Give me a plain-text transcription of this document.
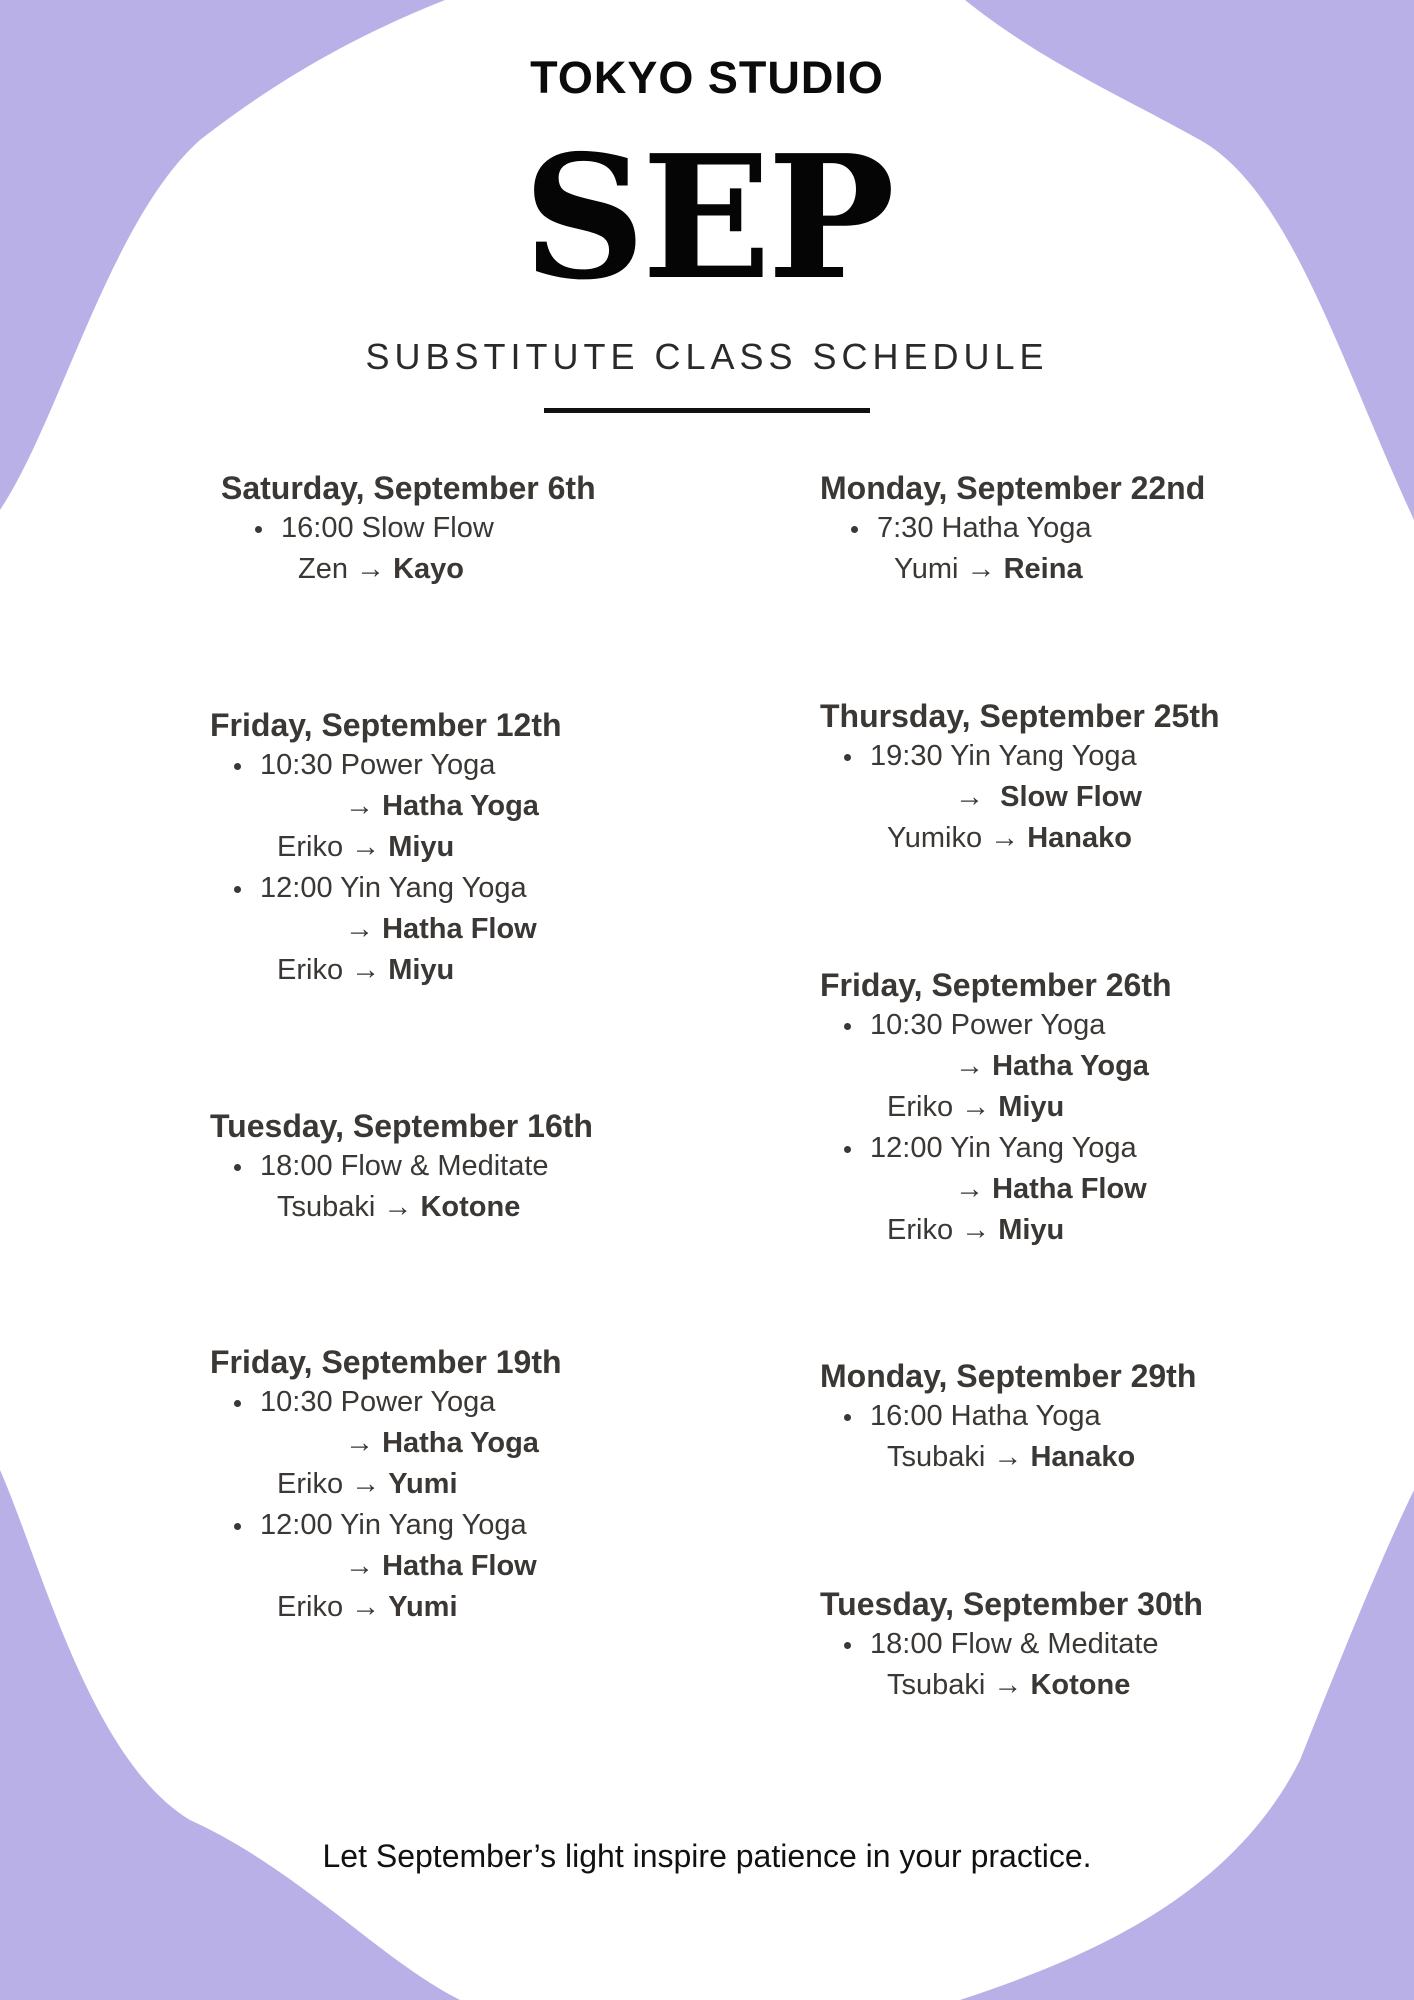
TOKYO STUDIO
SEP
SUBSTITUTE CLASS SCHEDULE
Saturday, September 6th
16:00 Slow Flow
Zen → Kayo
Friday, September 12th
10:30 Power Yoga
→ Hatha Yoga
Eriko → Miyu
12:00 Yin Yang Yoga
→ Hatha Flow
Eriko → Miyu
Tuesday, September 16th
18:00 Flow & Meditate
Tsubaki → Kotone
Friday, September 19th
10:30 Power Yoga
→ Hatha Yoga
Eriko → Yumi
12:00 Yin Yang Yoga
→ Hatha Flow
Eriko → Yumi
Monday, September 22nd
7:30 Hatha Yoga
Yumi → Reina
Thursday, September 25th
19:30 Yin Yang Yoga
→ Slow Flow
Yumiko → Hanako
Friday, September 26th
10:30 Power Yoga
→ Hatha Yoga
Eriko → Miyu
12:00 Yin Yang Yoga
→ Hatha Flow
Eriko → Miyu
Monday, September 29th
16:00 Hatha Yoga
Tsubaki → Hanako
Tuesday, September 30th
18:00 Flow & Meditate
Tsubaki → Kotone
Let September’s light inspire patience in your practice.
